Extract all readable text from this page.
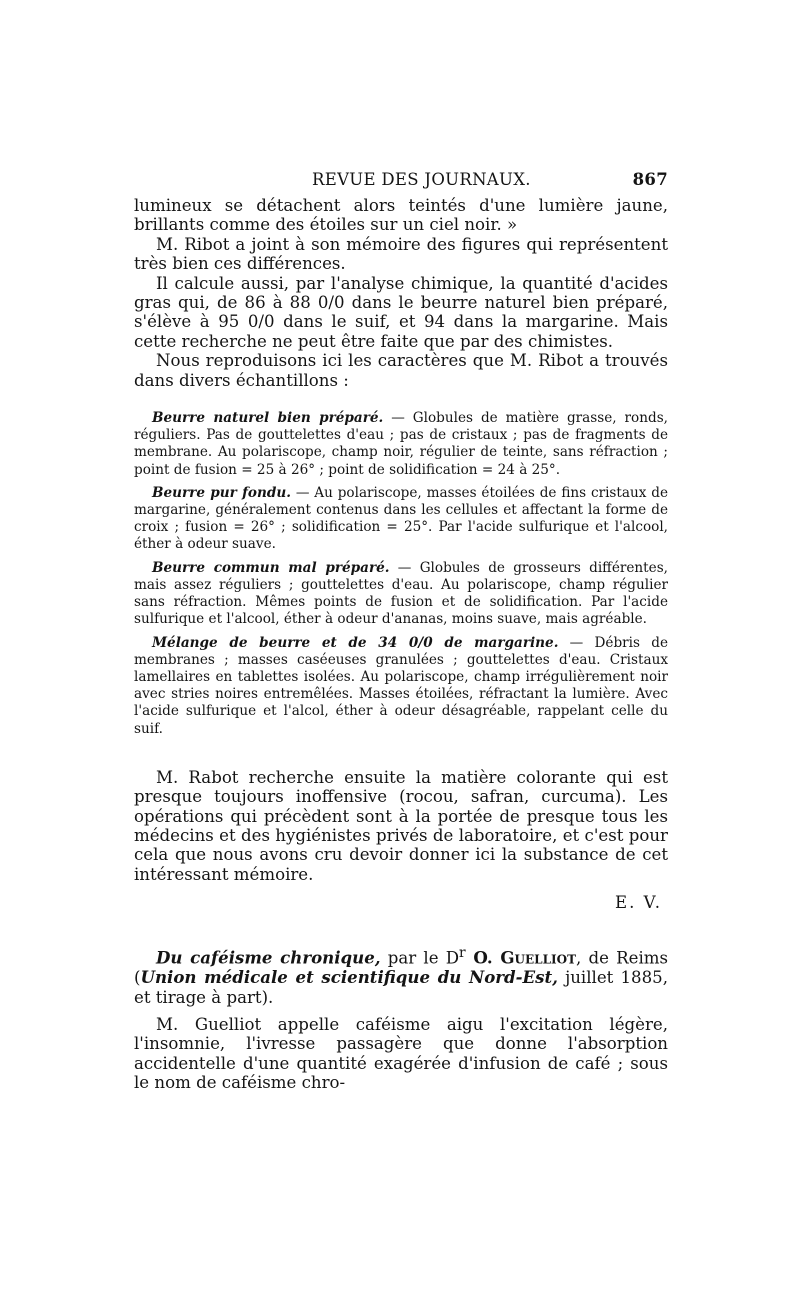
REVUE DES JOURNAUX.	867

lumineux se détachent alors teintés d'une lumière jaune, brillants comme des étoiles sur un ciel noir. »

M. Ribot a joint à son mémoire des figures qui représentent très bien ces différences.

Il calcule aussi, par l'analyse chimique, la quantité d'acides gras qui, de 86 à 88 0/0 dans le beurre naturel bien préparé, s'élève à 95 0/0 dans le suif, et 94 dans la margarine. Mais cette recherche ne peut être faite que par des chimistes.

Nous reproduisons ici les caractères que M. Ribot a trouvés dans divers échantillons :

Beurre naturel bien préparé. — Globules de matière grasse, ronds, réguliers. Pas de gouttelettes d'eau ; pas de cristaux ; pas de fragments de membrane. Au polariscope, champ noir, régulier de teinte, sans réfraction ; point de fusion = 25 à 26° ; point de solidification = 24 à 25°.

Beurre pur fondu. — Au polariscope, masses étoilées de fins cristaux de margarine, généralement contenus dans les cellules et affectant la forme de croix ; fusion = 26° ; solidification = 25°. Par l'acide sulfurique et l'alcool, éther à odeur suave.

Beurre commun mal préparé. — Globules de grosseurs différentes, mais assez réguliers ; gouttelettes d'eau. Au polariscope, champ régulier sans réfraction. Mêmes points de fusion et de solidification. Par l'acide sulfurique et l'alcool, éther à odeur d'ananas, moins suave, mais agréable.

Mélange de beurre et de 34 0/0 de margarine. — Débris de membranes ; masses caséeuses granulées ; gouttelettes d'eau. Cristaux lamellaires en tablettes isolées. Au polariscope, champ irrégulièrement noir avec stries noires entremêlées. Masses étoilées, réfractant la lumière. Avec l'acide sulfurique et l'alcol, éther à odeur désagréable, rappelant celle du suif.

M. Rabot recherche ensuite la matière colorante qui est presque toujours inoffensive (rocou, safran, curcuma). Les opérations qui précèdent sont à la portée de presque tous les médecins et des hygiénistes privés de laboratoire, et c'est pour cela que nous avons cru devoir donner ici la substance de cet intéressant mémoire.

E. V.

Du caféisme chronique, par le $D^r$ O. Guelliot, de Reims (Union médicale et scientifique du Nord-Est, juillet 1885, et tirage à part).

M. Guelliot appelle caféisme aigu l'excitation légère, l'insomnie, l'ivresse passagère que donne l'absorption accidentelle d'une quantité exagérée d'infusion de café ; sous le nom de caféisme chro-
